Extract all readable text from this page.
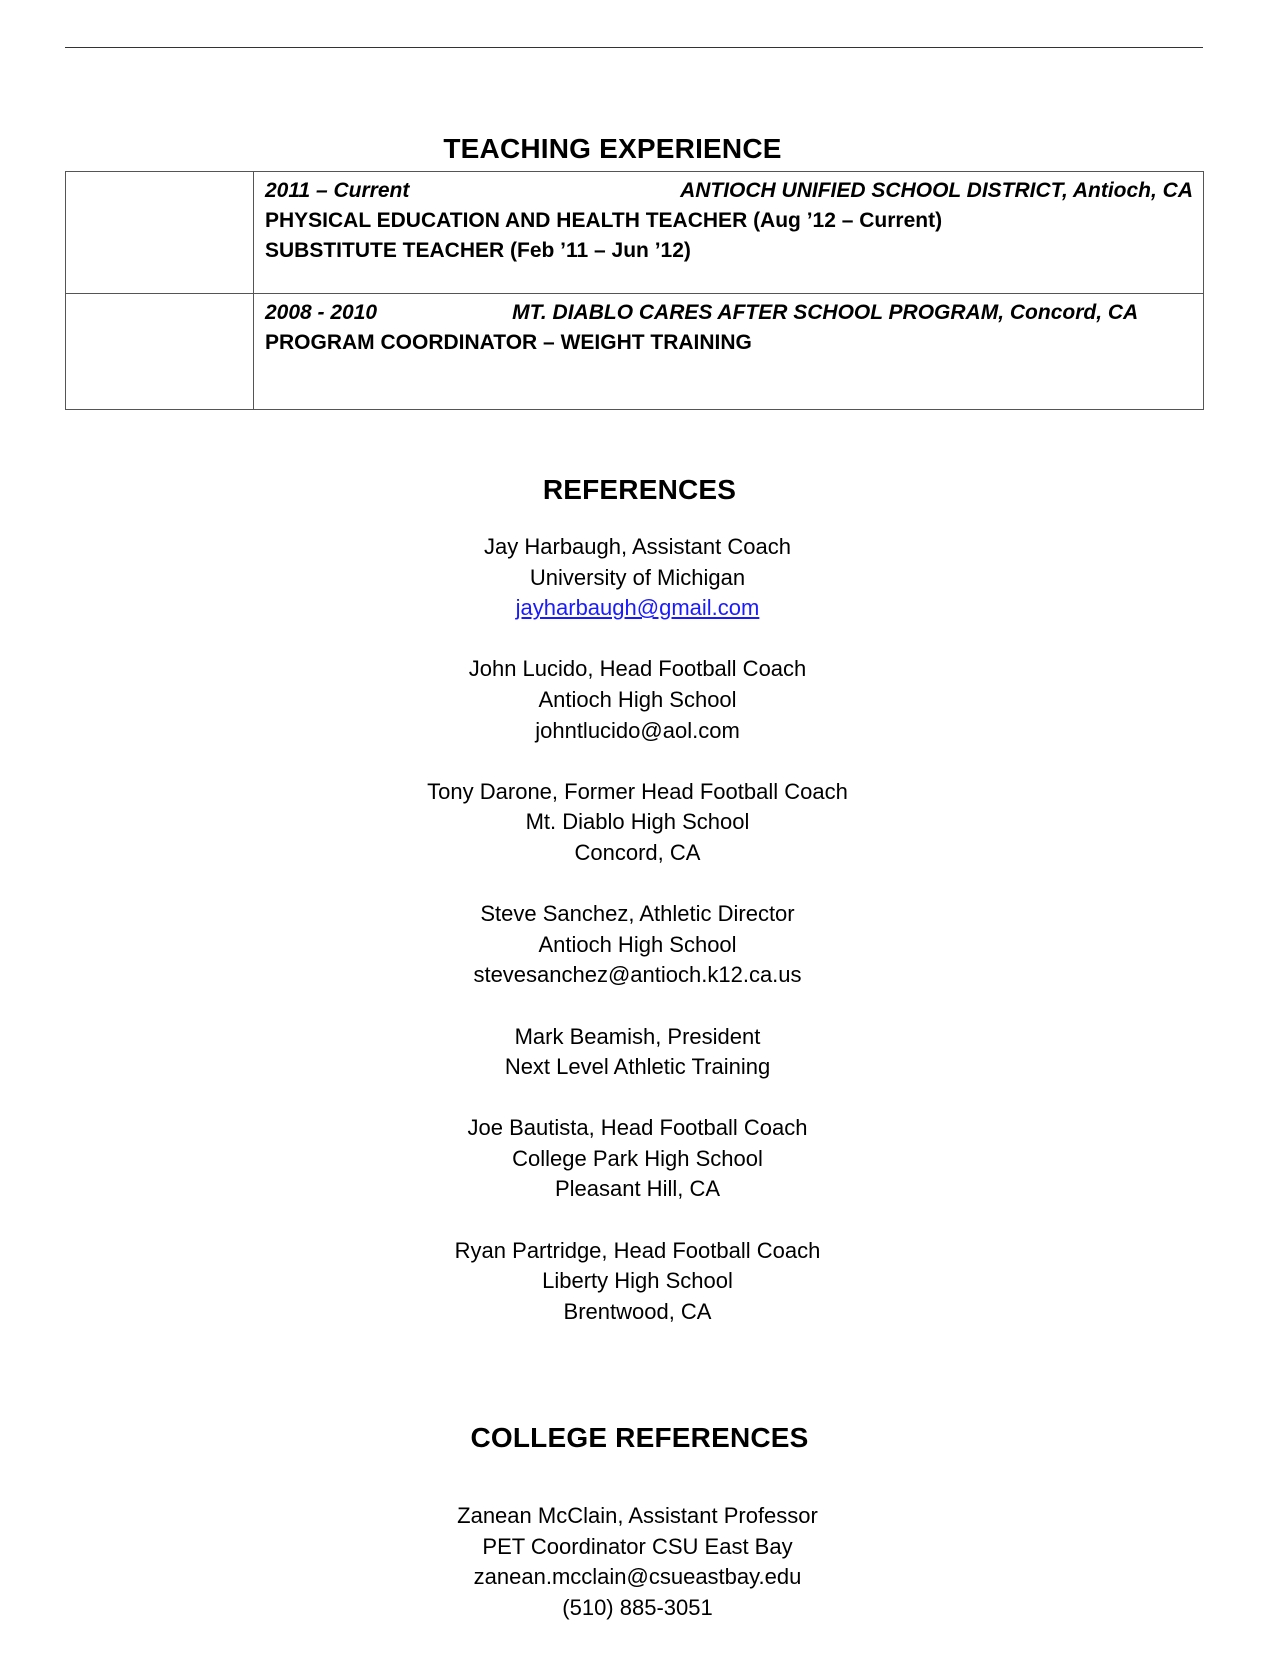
TEACHING EXPERIENCE

	2011 – Current ANTIOCH UNIFIED SCHOOL DISTRICT, Antioch, CA
PHYSICAL EDUCATION AND HEALTH TEACHER (Aug ’12 – Current)
SUBSTITUTE TEACHER (Feb ’11 – Jun ’12)

	2008 - 2010 MT. DIABLO CARES AFTER SCHOOL PROGRAM, Concord, CA
PROGRAM COORDINATOR – WEIGHT TRAINING
REFERENCES
Jay Harbaugh, Assistant Coach
University of Michigan
jayharbaugh@gmail.com
John Lucido, Head Football Coach
Antioch High School
johntlucido@aol.com
Tony Darone, Former Head Football Coach
Mt. Diablo High School
Concord, CA
Steve Sanchez, Athletic Director
Antioch High School
stevesanchez@antioch.k12.ca.us
Mark Beamish, President
Next Level Athletic Training
Joe Bautista, Head Football Coach
College Park High School
Pleasant Hill, CA
Ryan Partridge, Head Football Coach
Liberty High School
Brentwood, CA
COLLEGE REFERENCES
Zanean McClain, Assistant Professor
PET Coordinator CSU East Bay
zanean.mcclain@csueastbay.edu
(510) 885-3051
